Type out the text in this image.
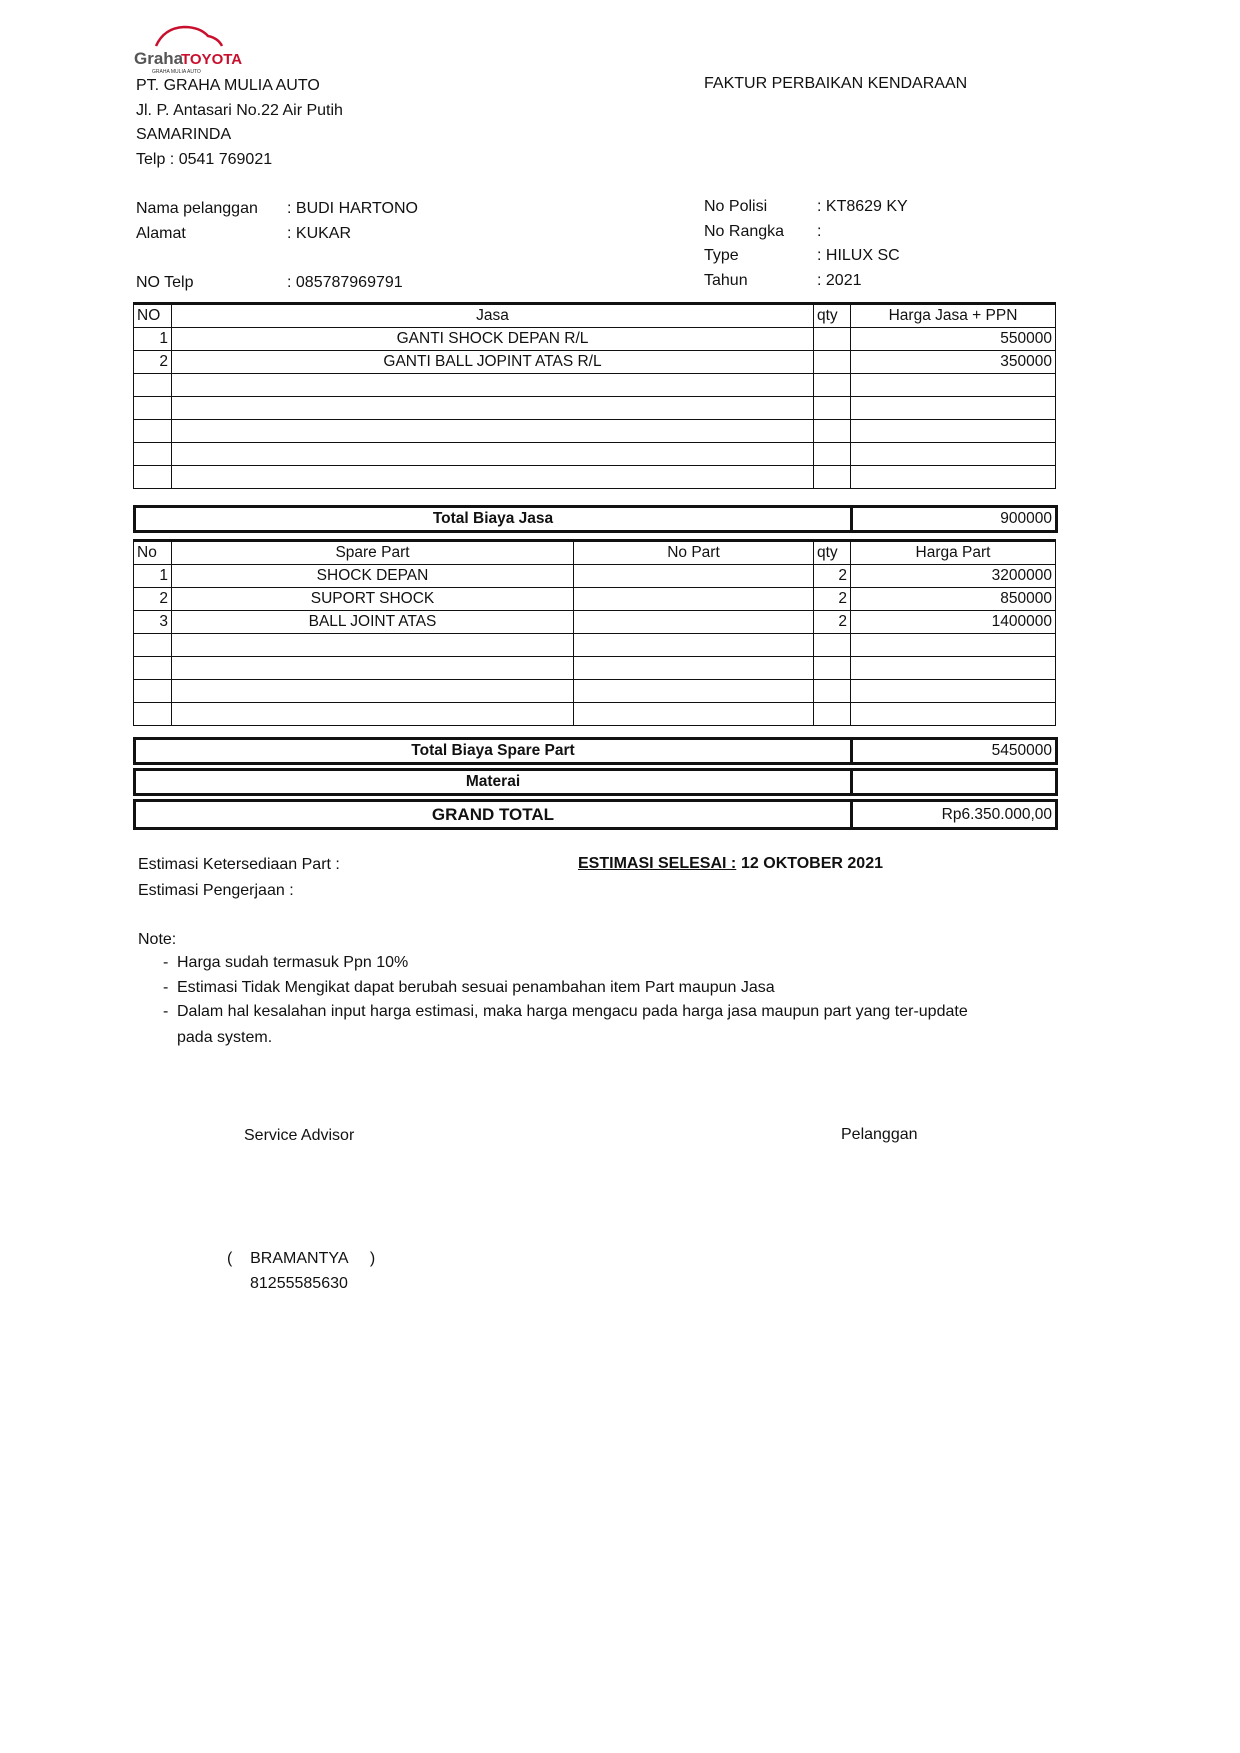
Graha
TOYOTA
GRAHA MULIA AUTO
PT. GRAHA MULIA AUTO
Jl. P. Antasari No.22 Air Putih
SAMARINDA
Telp : 0541 769021
FAKTUR PERBAIKAN KENDARAAN
Nama pelanggan : BUDI HARTONO
Alamat	: KUKAR
NO Telp	: 085787969791
No Polisi	: KT8629 KY
No Rangka :
Type	: HILUX SC
Tahun	: 2021
NO	Jasa	qty	Harga Jasa + PPN
1	GANTI SHOCK DEPAN R/L		550000
2	GANTI BALL JOPINT ATAS R/L		350000

Total Biaya Jasa	900000
No	Spare Part	No Part	qty	Harga Part
1	SHOCK DEPAN		2	3200000
2	SUPORT SHOCK		2	850000
3	BALL JOINT ATAS		2	1400000

Total Biaya Spare Part	5450000
Materai	
GRAND TOTAL	Rp6.350.000,00
Estimasi Ketersediaan Part :
Estimasi Pengerjaan :
ESTIMASI SELESAI : 12 OKTOBER 2021
Note:
- Harga sudah termasuk Ppn 10%
- Estimasi Tidak Mengikat dapat berubah sesuai penambahan item Part maupun Jasa
- Dalam hal kesalahan input harga estimasi, maka harga mengacu pada harga jasa maupun part yang ter-update
pada system.
Service Advisor	Pelanggan
(    BRAMANTYA     )
81255585630
